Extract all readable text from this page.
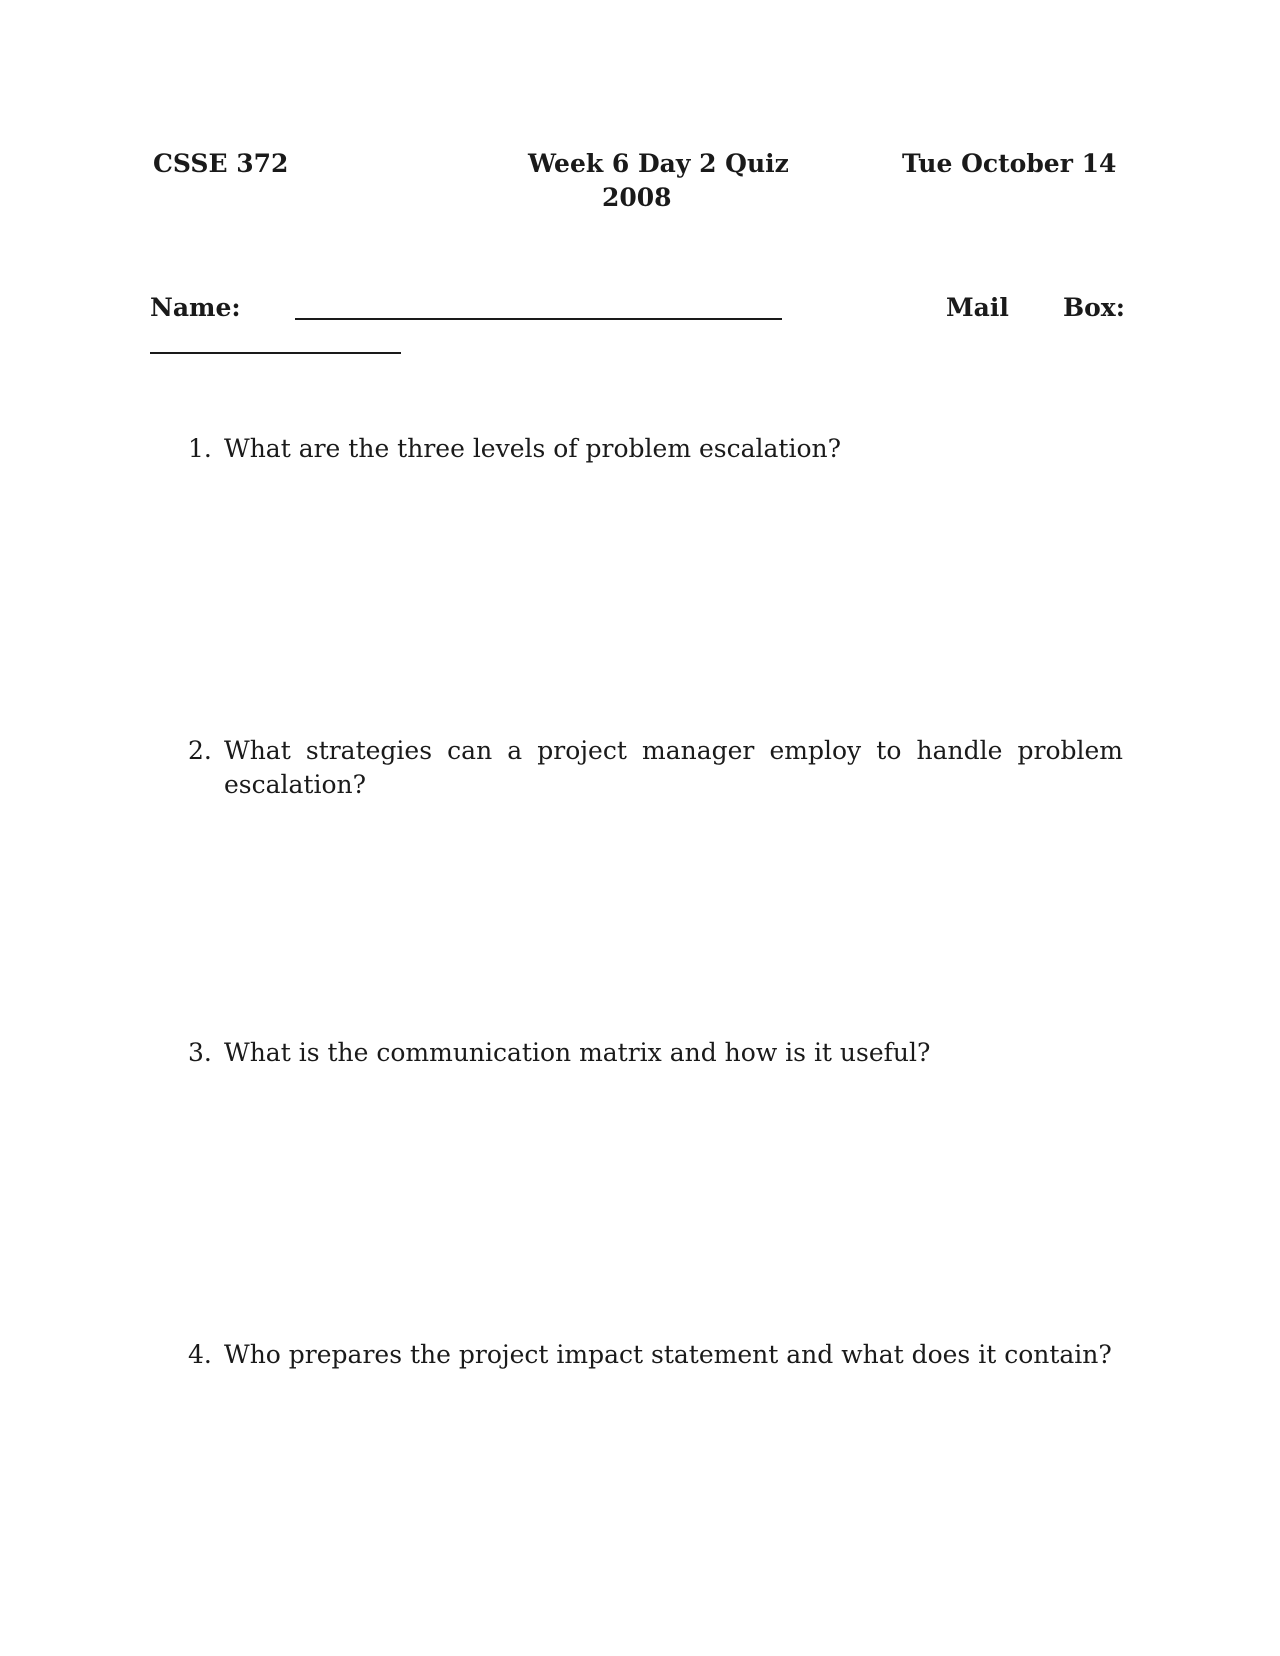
CSSE 372	Week 6 Day 2 Quiz	Tue October 14
2008
Name:	Mail Box:
1. What are the three levels of problem escalation?
2. What strategies can a project manager employ to handle problem escalation?
3. What is the communication matrix and how is it useful?
4. Who prepares the project impact statement and what does it contain?
